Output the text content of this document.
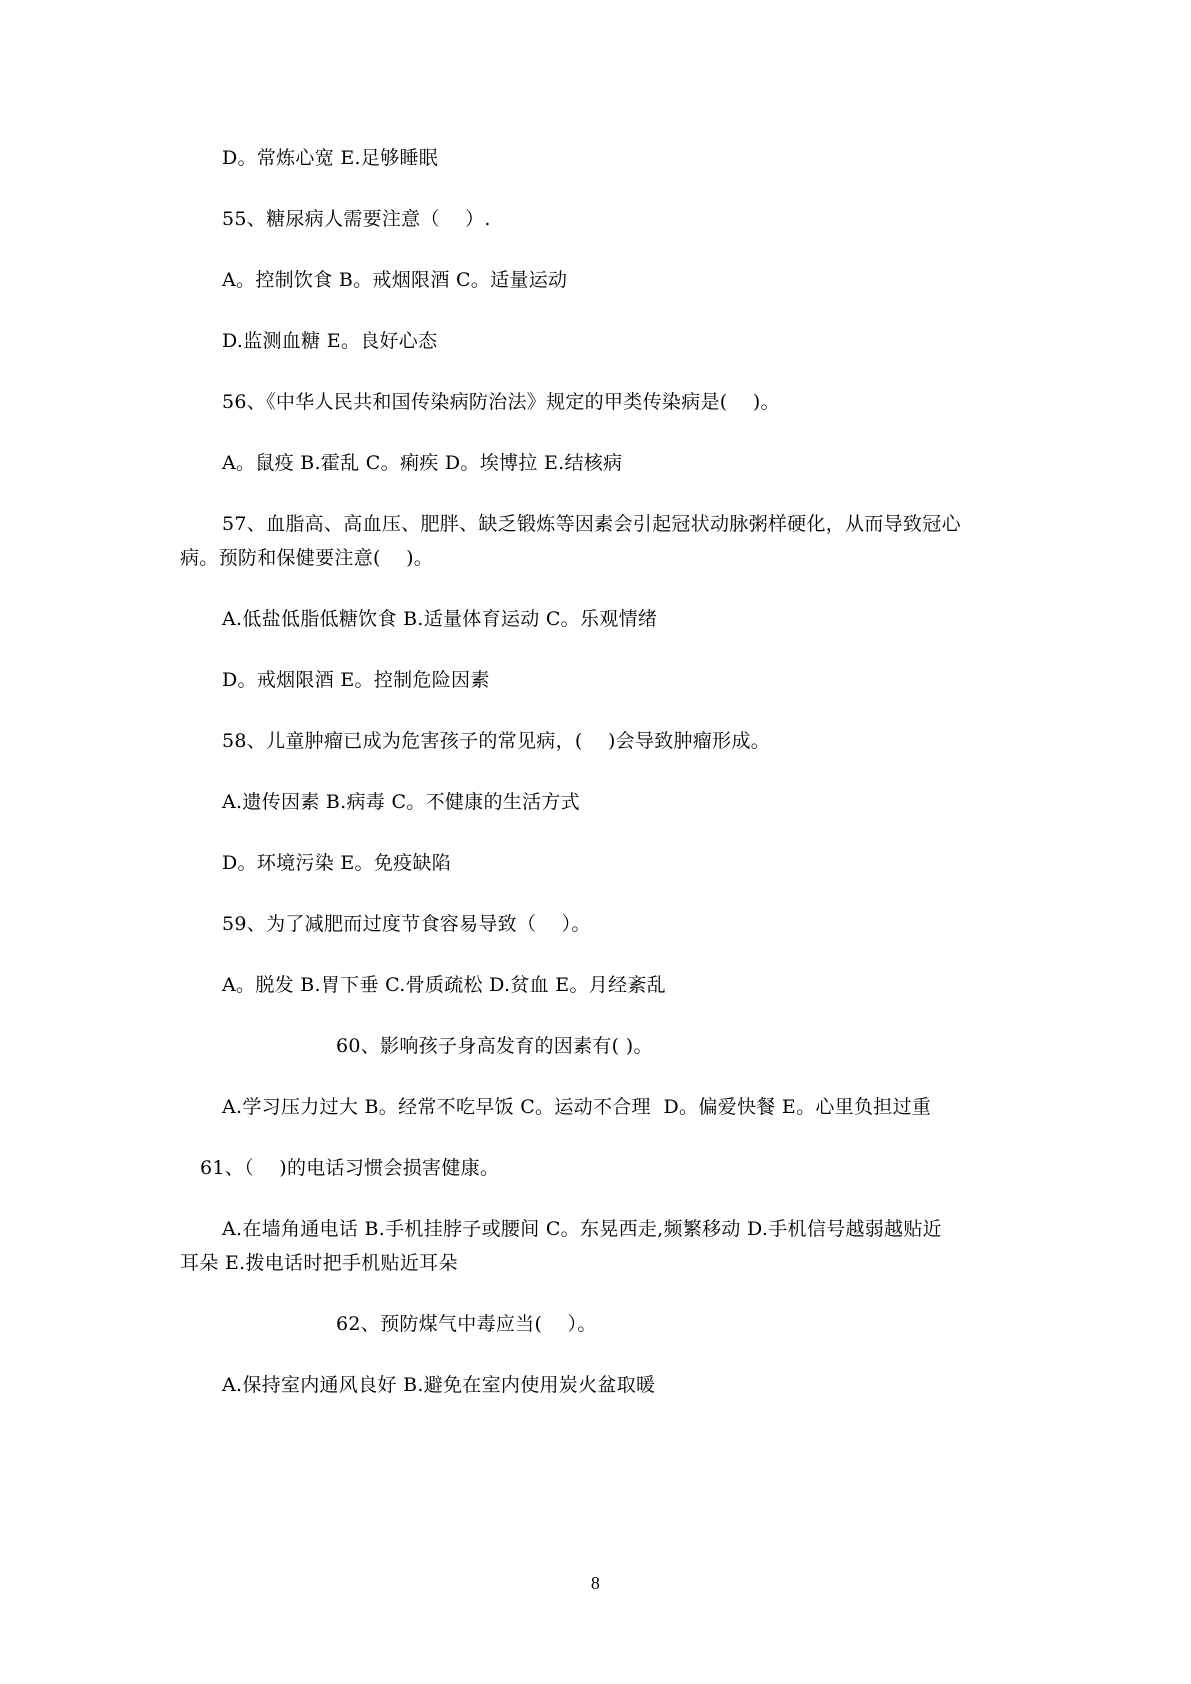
D。常炼心宽 E.足够睡眠
55、糖尿病人需要注意（    ）.
A。控制饮食 B。戒烟限酒 C。适量运动
D.监测血糖 E。良好心态
56、《中华人民共和国传染病防治法》规定的甲类传染病是(    )。
A。鼠疫 B.霍乱 C。痢疾 D。埃博拉 E.结核病
57、血脂高、高血压、肥胖、缺乏锻炼等因素会引起冠状动脉粥样硬化，从而导致冠心
病。预防和保健要注意(    )。
A.低盐低脂低糖饮食 B.适量体育运动 C。乐观情绪
D。戒烟限酒 E。控制危险因素
58、儿童肿瘤已成为危害孩子的常见病，(    )会导致肿瘤形成。
A.遗传因素 B.病毒 C。不健康的生活方式
D。环境污染 E。免疫缺陷
59、为了减肥而过度节食容易导致（    ）。
A。脱发 B.胃下垂 C.骨质疏松 D.贫血 E。月经紊乱
60、影响孩子身高发育的因素有( )。
A.学习压力过大 B。经常不吃早饭 C。运动不合理  D。偏爱快餐 E。心里负担过重
61、（    )的电话习惯会损害健康。
A.在墙角通电话 B.手机挂脖子或腰间 C。东晃西走,频繁移动 D.手机信号越弱越贴近
耳朵 E.拨电话时把手机贴近耳朵
62、预防煤气中毒应当(    ）。
A.保持室内通风良好 B.避免在室内使用炭火盆取暖
8
